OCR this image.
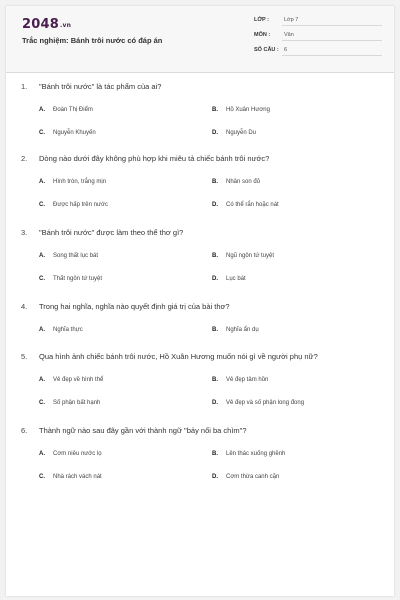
2048.vn
Trắc nghiệm: Bánh trôi nước có đáp án
LỚP :	Lớp 7
MÔN :	Văn
SỐ CÂU : 6
1. "Bánh trôi nước" là tác phẩm của ai?
A. Đoàn Thị Điểm	B. Hồ Xuân Hương
C. Nguyễn Khuyến	D. Nguyễn Du
2. Dòng nào dưới đây không phù hợp khi miêu tả chiếc bánh trôi nước?
A. Hình tròn, trắng mịn	B. Nhân son đỏ
C. Được hấp trên nước	D. Có thể rắn hoặc nát
3. "Bánh trôi nước" được làm theo thể thơ gì?
A. Song thất lục bát	B. Ngũ ngôn tứ tuyệt
C. Thất ngôn tứ tuyệt	D. Lục bát
4. Trong hai nghĩa, nghĩa nào quyết định giá trị của bài thơ?
A. Nghĩa thực	B. Nghĩa ẩn dụ
5. Qua hình ảnh chiếc bánh trôi nước, Hồ Xuân Hương muốn nói gì về người phụ nữ?
A. Vẻ đẹp về hình thể	B. Vẻ đẹp tâm hồn
C. Số phận bất hạnh	D. Vẻ đẹp và số phận long đong
6. Thành ngữ nào sau đây gần với thành ngữ "bảy nổi ba chìm"?
A. Cơm niêu nước lọ	B. Lên thác xuống ghềnh
C. Nhà rách vách nát	D. Cơm thừa canh cặn
